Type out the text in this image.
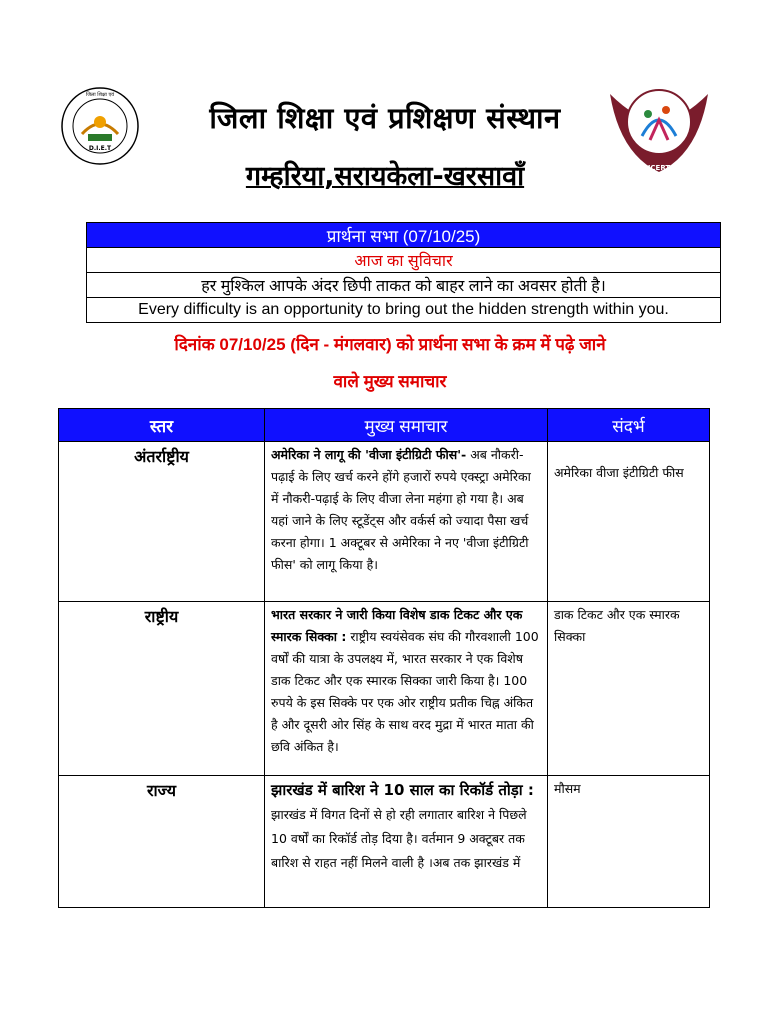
D.I.E.T
जिला शिक्षा एवं
जिला शिक्षा एवं प्रशिक्षण संस्थान
गम्हरिया,सरायकेला-खरसावाँ	JCERT
प्रार्थना सभा (07/10/25)
आज का सुविचार
हर मुश्किल आपके अंदर छिपी ताकत को बाहर लाने का अवसर होती है।
Every difficulty is an opportunity to bring out the hidden strength within you.
दिनांक 07/10/25 (दिन - मंगलवार) को प्रार्थना सभा के क्रम में पढ़े जाने
वाले मुख्य समाचार
स्तर	मुख्य समाचार	संदर्भ
अंतर्राष्ट्रीय	अमेरिका ने लागू की 'वीजा इंटीग्रिटी फीस'- अब नौकरी-पढ़ाई के लिए खर्च करने होंगे हजारों रुपये एक्स्ट्रा अमेरिका में नौकरी-पढ़ाई के लिए वीजा लेना महंगा हो गया है। अब यहां जाने के लिए स्टूडेंट्स और वर्कर्स को ज्यादा पैसा खर्च करना होगा। 1 अक्टूबर से अमेरिका ने नए 'वीजा इंटीग्रिटी फीस' को लागू किया है।	अमेरिका वीजा इंटीग्रिटी फीस
राष्ट्रीय	भारत सरकार ने जारी किया विशेष डाक टिकट और एक स्मारक सिक्का : राष्ट्रीय स्वयंसेवक संघ की गौरवशाली 100 वर्षों की यात्रा के उपलक्ष्य में, भारत सरकार ने एक विशेष डाक टिकट और एक स्मारक सिक्का जारी किया है। 100 रुपये के इस सिक्के पर एक ओर राष्ट्रीय प्रतीक चिह्न अंकित है और दूसरी ओर सिंह के साथ वरद मुद्रा में भारत माता की छवि अंकित है।	डाक टिकट और एक स्मारक सिक्का
राज्य	झारखंड में बारिश ने 10 साल का रिकॉर्ड तोड़ा : झारखंड में विगत दिनों से हो रही लगातार बारिश ने पिछले 10 वर्षों का रिकॉर्ड तोड़ दिया है। वर्तमान 9 अक्टूबर तक बारिश से राहत नहीं मिलने वाली है ।अब तक झारखंड में	मौसम
